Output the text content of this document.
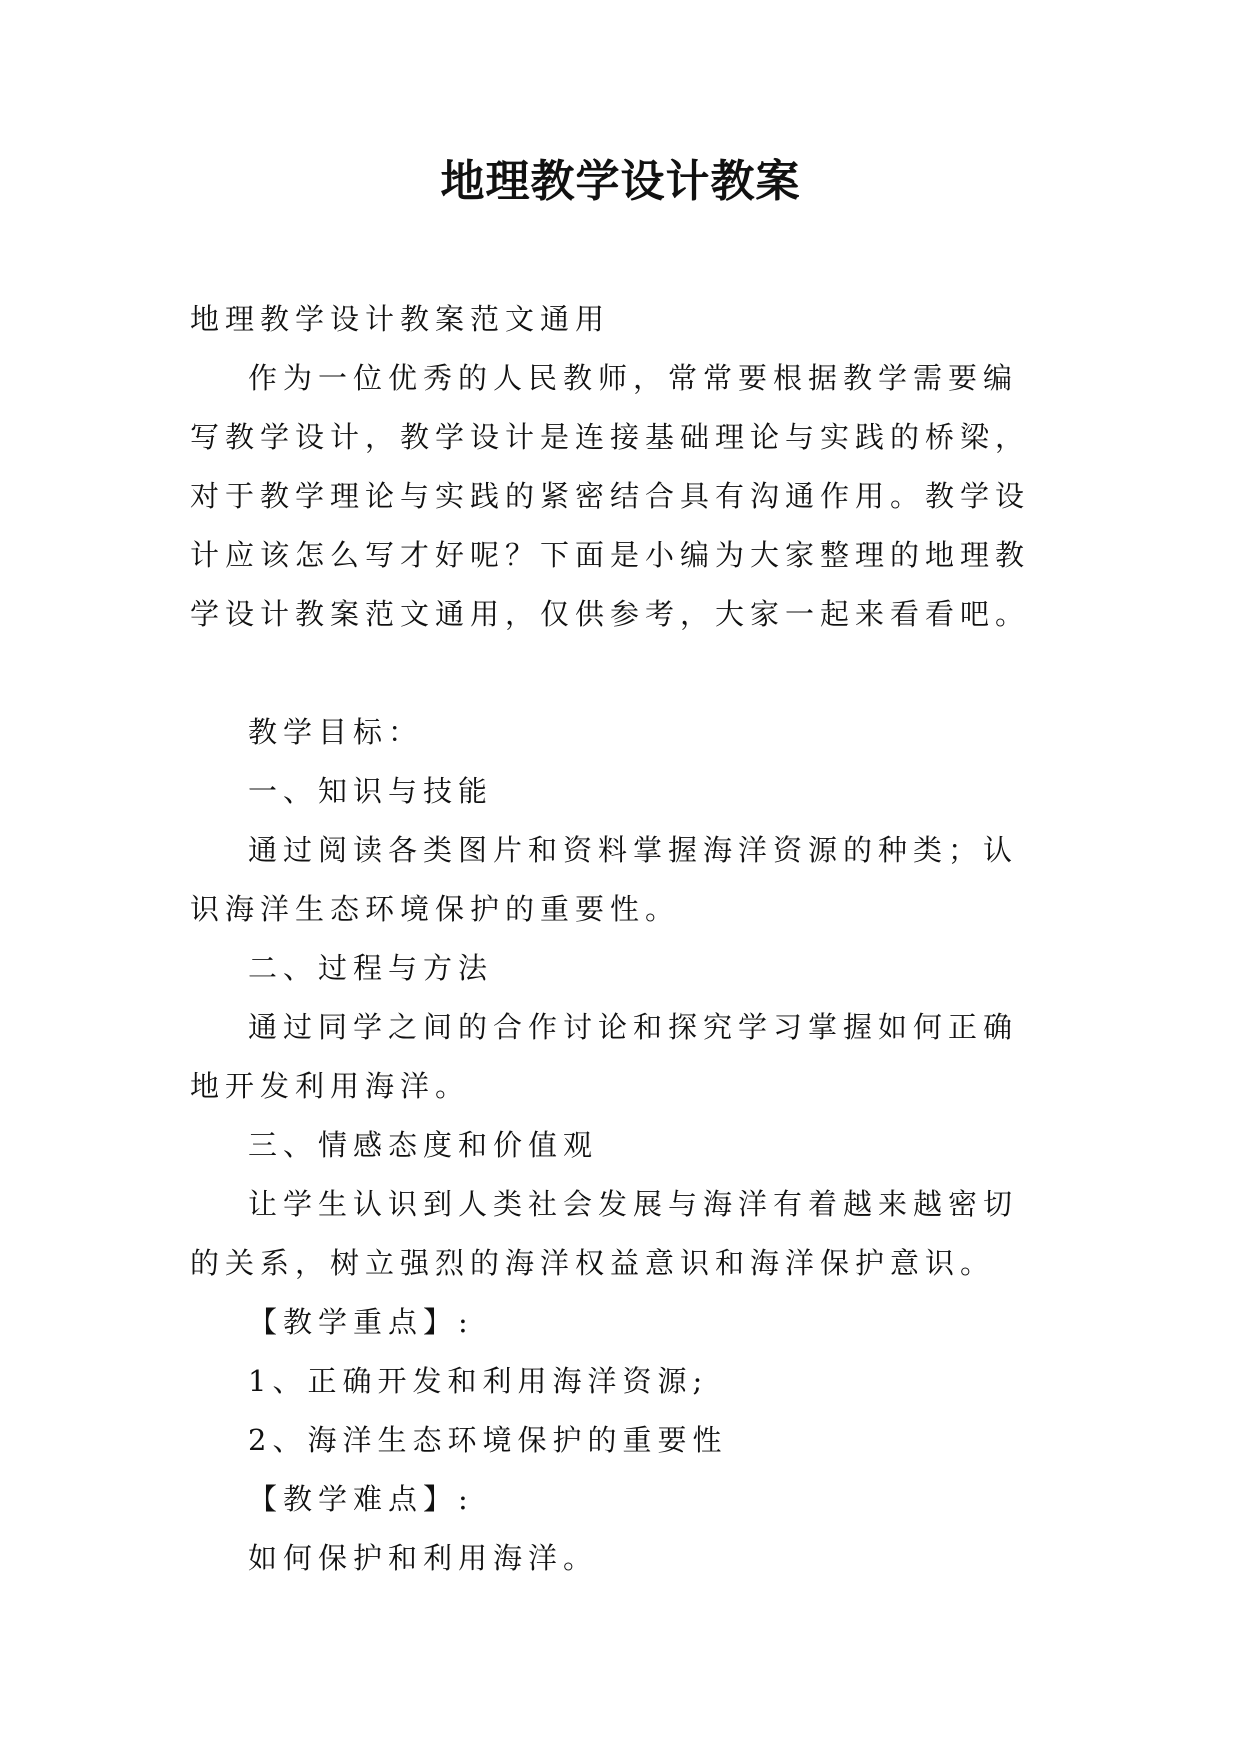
地理教学设计教案

地理教学设计教案范文通用

作为一位优秀的人民教师，常常要根据教学需要编写教学设计，教学设计是连接基础理论与实践的桥梁，对于教学理论与实践的紧密结合具有沟通作用。教学设计应该怎么写才好呢？下面是小编为大家整理的地理教学设计教案范文通用，仅供参考，大家一起来看看吧。

教学目标：

一、知识与技能

通过阅读各类图片和资料掌握海洋资源的种类；认识海洋生态环境保护的重要性。

二、过程与方法

通过同学之间的合作讨论和探究学习掌握如何正确地开发利用海洋。

三、情感态度和价值观

让学生认识到人类社会发展与海洋有着越来越密切的关系，树立强烈的海洋权益意识和海洋保护意识。

【教学重点】:

1、正确开发和利用海洋资源;

2、海洋生态环境保护的重要性

【教学难点】:

如何保护和利用海洋。
